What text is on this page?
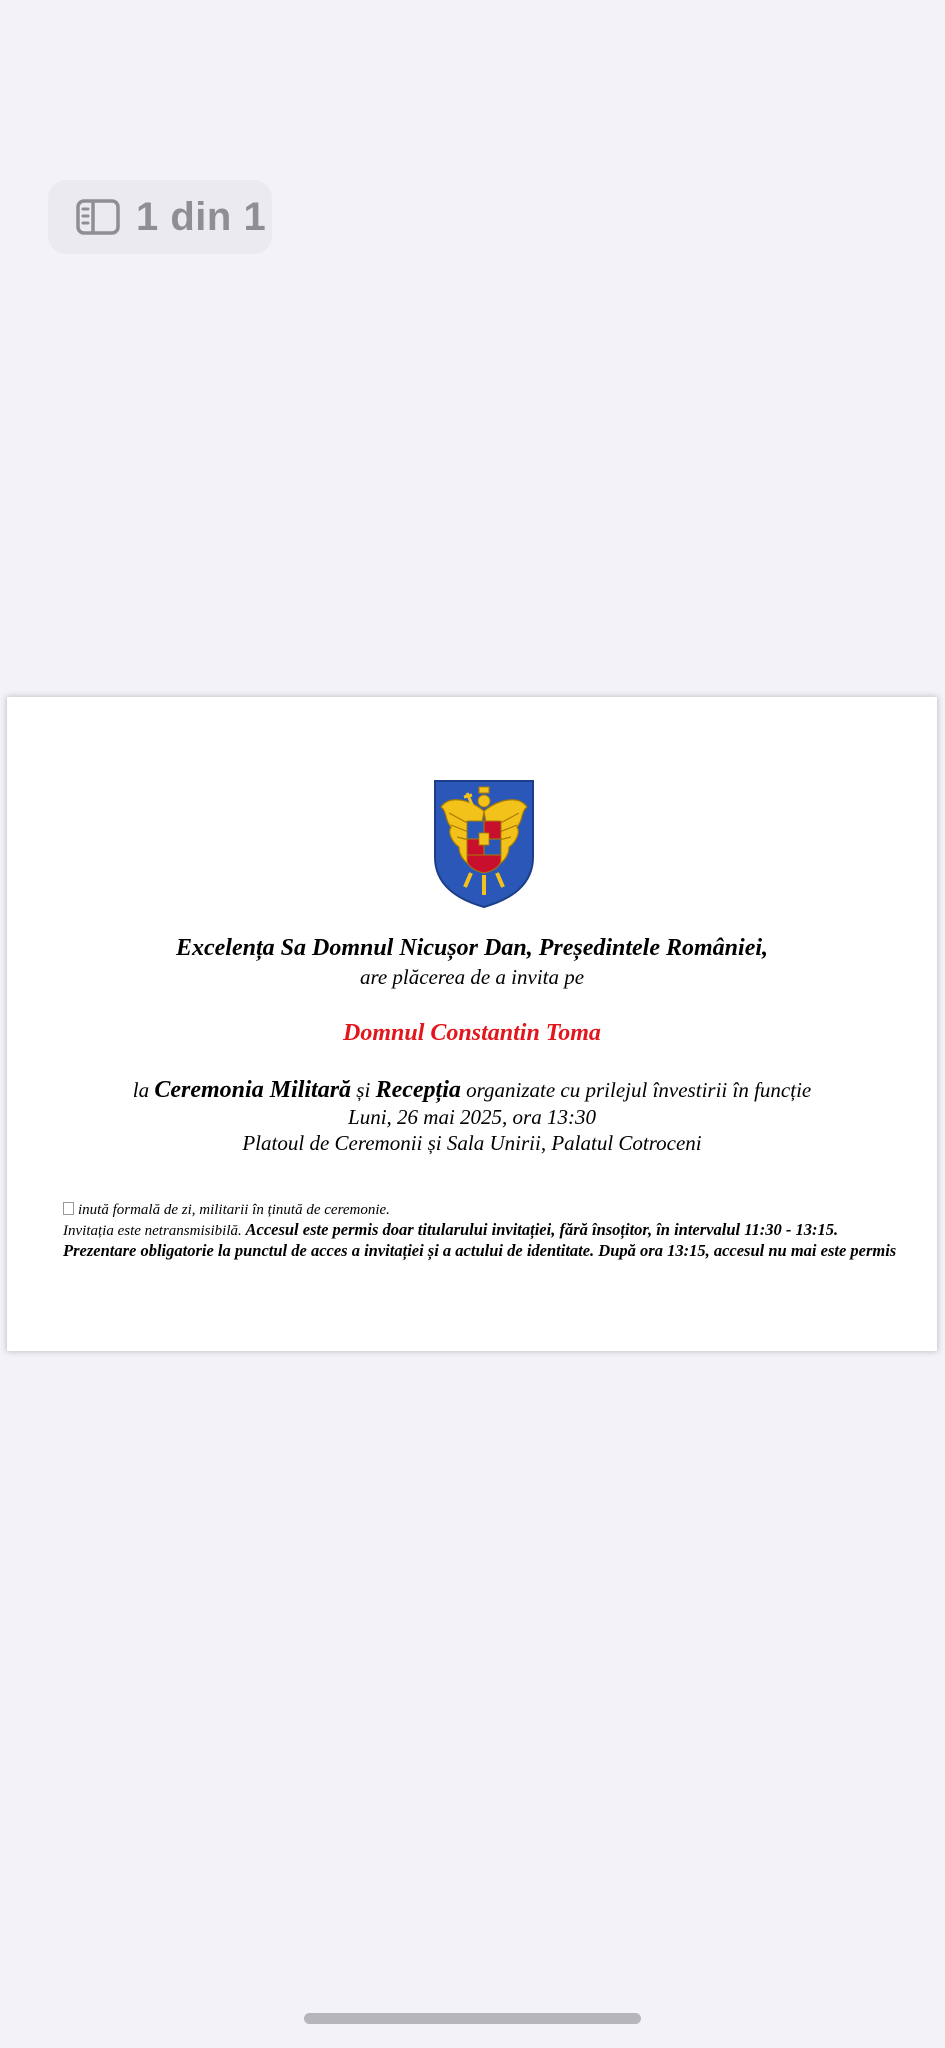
1 din 1
Excelența Sa Domnul Nicușor Dan, Președintele României,
are plăcerea de a invita pe
Domnul Constantin Toma
la Ceremonia Militară și Recepția organizate cu prilejul învestirii în funcție
Luni, 26 mai 2025, ora 13:30
Platoul de Ceremonii și Sala Unirii, Palatul Cotroceni
inută formală de zi, militarii în ținută de ceremonie.
Invitația este netransmisibilă. Accesul este permis doar titularului invitației, fără însoțitor, în intervalul 11:30 - 13:15. Prezentare obligatorie la punctul de acces a invitației și a actului de identitate. După ora 13:15, accesul nu mai este permis
